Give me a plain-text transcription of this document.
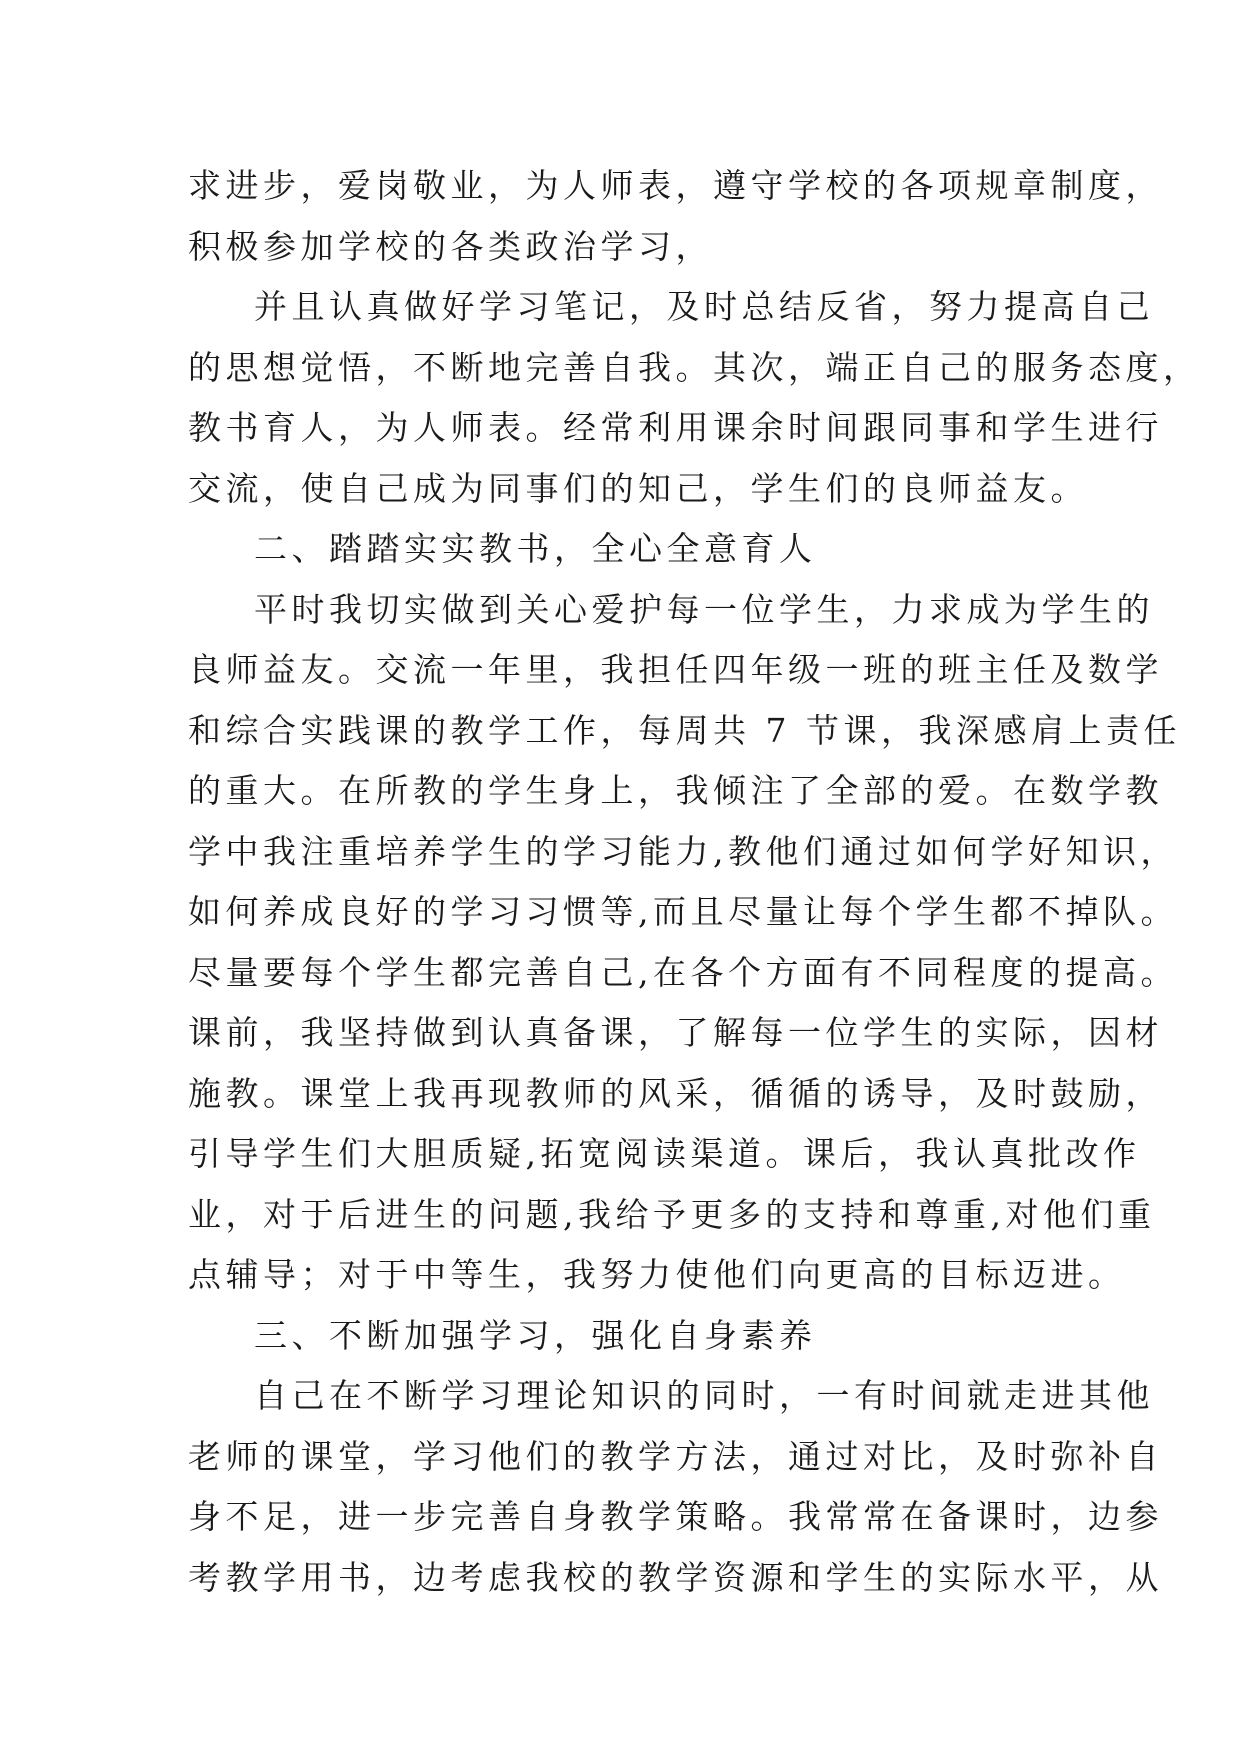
求进步，爱岗敬业，为人师表，遵守学校的各项规章制度，
积极参加学校的各类政治学习，
并且认真做好学习笔记，及时总结反省，努力提高自己
的思想觉悟，不断地完善自我。其次，端正自己的服务态度，
教书育人，为人师表。经常利用课余时间跟同事和学生进行
交流，使自己成为同事们的知己，学生们的良师益友。
二、踏踏实实教书，全心全意育人
平时我切实做到关心爱护每一位学生，力求成为学生的
良师益友。交流一年里，我担任四年级一班的班主任及数学
和综合实践课的教学工作，每周共 7 节课，我深感肩上责任
的重大。在所教的学生身上，我倾注了全部的爱。在数学教
学中我注重培养学生的学习能力,教他们通过如何学好知识，
如何养成良好的学习习惯等,而且尽量让每个学生都不掉队。
尽量要每个学生都完善自己,在各个方面有不同程度的提高。
课前，我坚持做到认真备课，了解每一位学生的实际，因材
施教。课堂上我再现教师的风采，循循的诱导，及时鼓励，
引导学生们大胆质疑,拓宽阅读渠道。课后，我认真批改作
业，对于后进生的问题,我给予更多的支持和尊重,对他们重
点辅导；对于中等生，我努力使他们向更高的目标迈进。
三、不断加强学习，强化自身素养
自己在不断学习理论知识的同时，一有时间就走进其他
老师的课堂，学习他们的教学方法，通过对比，及时弥补自
身不足，进一步完善自身教学策略。我常常在备课时，边参
考教学用书，边考虑我校的教学资源和学生的实际水平，从
